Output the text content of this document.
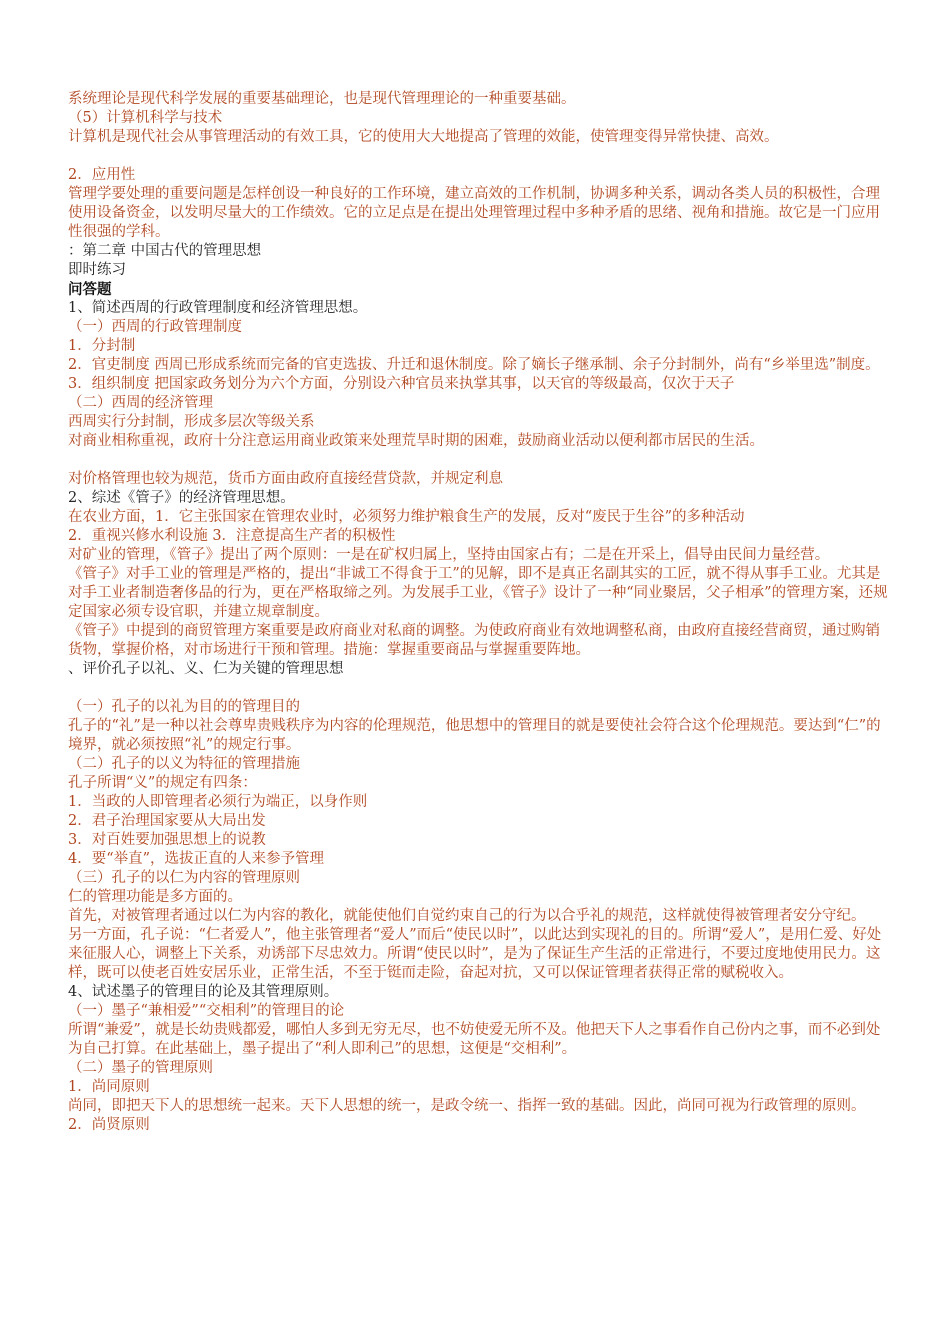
系统理论是现代科学发展的重要基础理论，也是现代管理理论的一种重要基础。
（5）计算机科学与技术
计算机是现代社会从事管理活动的有效工具，它的使用大大地提高了管理的效能，使管理变得异常快捷、高效。
2．应用性
管理学要处理的重要问题是怎样创设一种良好的工作环境，建立高效的工作机制，协调多种关系，调动各类人员的积极性，合理使用设备资金，以发明尽量大的工作绩效。它的立足点是在提出处理管理过程中多种矛盾的思绪、视角和措施。故它是一门应用性很强的学科。
：第二章 中国古代的管理思想
即时练习
问答题
1、简述西周的行政管理制度和经济管理思想。
（一）西周的行政管理制度
1．分封制
2．官吏制度 西周已形成系统而完备的官吏选拔、升迁和退休制度。除了嫡长子继承制、余子分封制外，尚有“乡举里选”制度。
3．组织制度 把国家政务划分为六个方面，分别设六种官员来执掌其事，以天官的等级最高，仅次于天子
（二）西周的经济管理
西周实行分封制，形成多层次等级关系
对商业相称重视，政府十分注意运用商业政策来处理荒旱时期的困难，鼓励商业活动以便利都市居民的生活。
对价格管理也较为规范，货币方面由政府直接经营贷款，并规定利息
2、综述《管子》的经济管理思想。
在农业方面，1．它主张国家在管理农业时，必须努力维护粮食生产的发展，反对“废民于生谷”的多种活动
2．重视兴修水利设施 3．注意提高生产者的积极性
对矿业的管理，《管子》提出了两个原则：一是在矿权归属上，坚持由国家占有；二是在开采上，倡导由民间力量经营。
《管子》对手工业的管理是严格的，提出“非诚工不得食于工”的见解，即不是真正名副其实的工匠，就不得从事手工业。尤其是对手工业者制造奢侈品的行为，更在严格取缔之列。为发展手工业，《管子》设计了一种“同业聚居，父子相承”的管理方案，还规定国家必须专设官职，并建立规章制度。
《管子》中提到的商贸管理方案重要是政府商业对私商的调整。为使政府商业有效地调整私商，由政府直接经营商贸，通过购销货物，掌握价格，对市场进行干预和管理。措施：掌握重要商品与掌握重要阵地。
、评价孔子以礼、义、仁为关键的管理思想
（一）孔子的以礼为目的的管理目的
孔子的“礼”是一种以社会尊卑贵贱秩序为内容的伦理规范，他思想中的管理目的就是要使社会符合这个伦理规范。要达到“仁”的境界，就必须按照“礼”的规定行事。
（二）孔子的以义为特征的管理措施
孔子所谓“义”的规定有四条：
1．当政的人即管理者必须行为端正，以身作则
2．君子治理国家要从大局出发
3．对百姓要加强思想上的说教
4．要“举直”，选拔正直的人来参予管理
（三）孔子的以仁为内容的管理原则
仁的管理功能是多方面的。
首先，对被管理者通过以仁为内容的教化，就能使他们自觉约束自己的行为以合乎礼的规范，这样就使得被管理者安分守纪。
另一方面，孔子说：“仁者爱人”，他主张管理者“爱人”而后“使民以时”，以此达到实现礼的目的。所谓“爱人”，是用仁爱、好处来征服人心，调整上下关系，劝诱部下尽忠效力。所谓“使民以时”，是为了保证生产生活的正常进行，不要过度地使用民力。这样，既可以使老百姓安居乐业，正常生活，不至于铤而走险，奋起对抗，又可以保证管理者获得正常的赋税收入。
4、试述墨子的管理目的论及其管理原则。
（一）墨子“兼相爱”“交相利”的管理目的论
所谓“兼爱”，就是长幼贵贱都爱，哪怕人多到无穷无尽，也不妨使爱无所不及。他把天下人之事看作自己份内之事，而不必到处为自己打算。在此基础上，墨子提出了“利人即利己”的思想，这便是“交相利”。
（二）墨子的管理原则
1．尚同原则
尚同，即把天下人的思想统一起来。天下人思想的统一，是政令统一、指挥一致的基础。因此，尚同可视为行政管理的原则。
2．尚贤原则
